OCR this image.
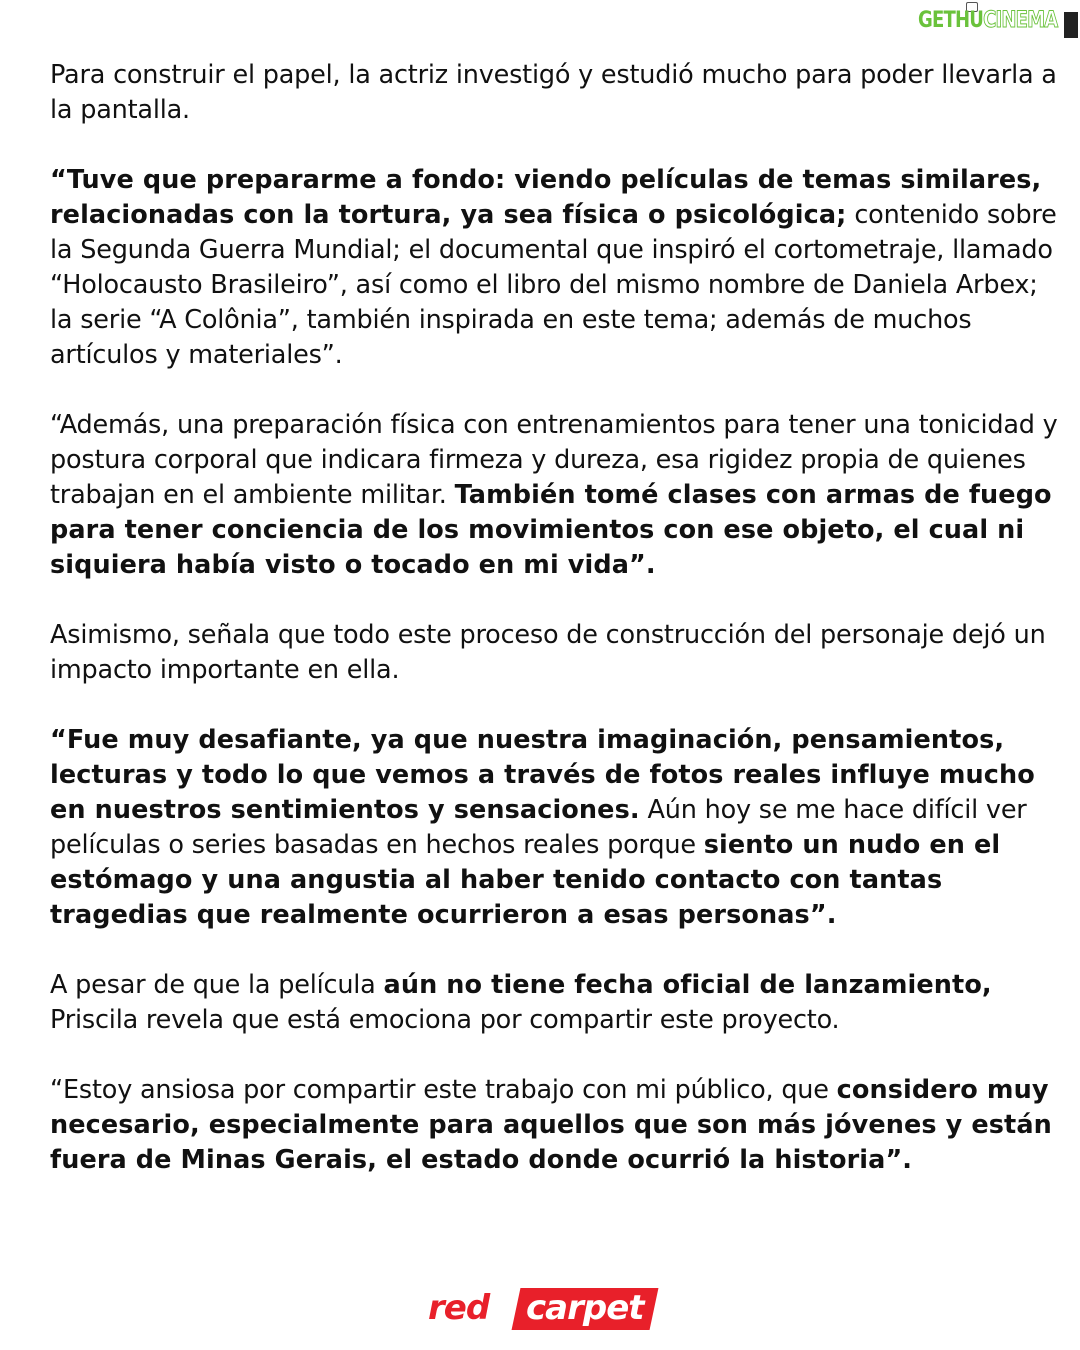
GETHUCINEMA

Para construir el papel, la actriz investigó y estudió mucho para poder llevarla a la pantalla.

“Tuve que prepararme a fondo: viendo películas de temas similares, relacionadas con la tortura, ya sea física o psicológica; contenido sobre la Segunda Guerra Mundial; el documental que inspiró el cortometraje, llamado “Holocausto Brasileiro”, así como el libro del mismo nombre de Daniela Arbex; la serie “A Colônia”, también inspirada en este tema; además de muchos artículos y materiales”.

“Además, una preparación física con entrenamientos para tener una tonicidad y postura corporal que indicara firmeza y dureza, esa rigidez propia de quienes trabajan en el ambiente militar. También tomé clases con armas de fuego para tener conciencia de los movimientos con ese objeto, el cual ni siquiera había visto o tocado en mi vida”.

Asimismo, señala que todo este proceso de construcción del personaje dejó un impacto importante en ella.

“Fue muy desafiante, ya que nuestra imaginación, pensamientos, lecturas y todo lo que vemos a través de fotos reales influye mucho en nuestros sentimientos y sensaciones. Aún hoy se me hace difícil ver películas o series basadas en hechos reales porque siento un nudo en el estómago y una angustia al haber tenido contacto con tantas tragedias que realmente ocurrieron a esas personas”.

A pesar de que la película aún no tiene fecha oficial de lanzamiento, Priscila revela que está emociona por compartir este proyecto.

“Estoy ansiosa por compartir este trabajo con mi público, que considero muy necesario, especialmente para aquellos que son más jóvenes y están fuera de Minas Gerais, el estado donde ocurrió la historia”.

red carpet
